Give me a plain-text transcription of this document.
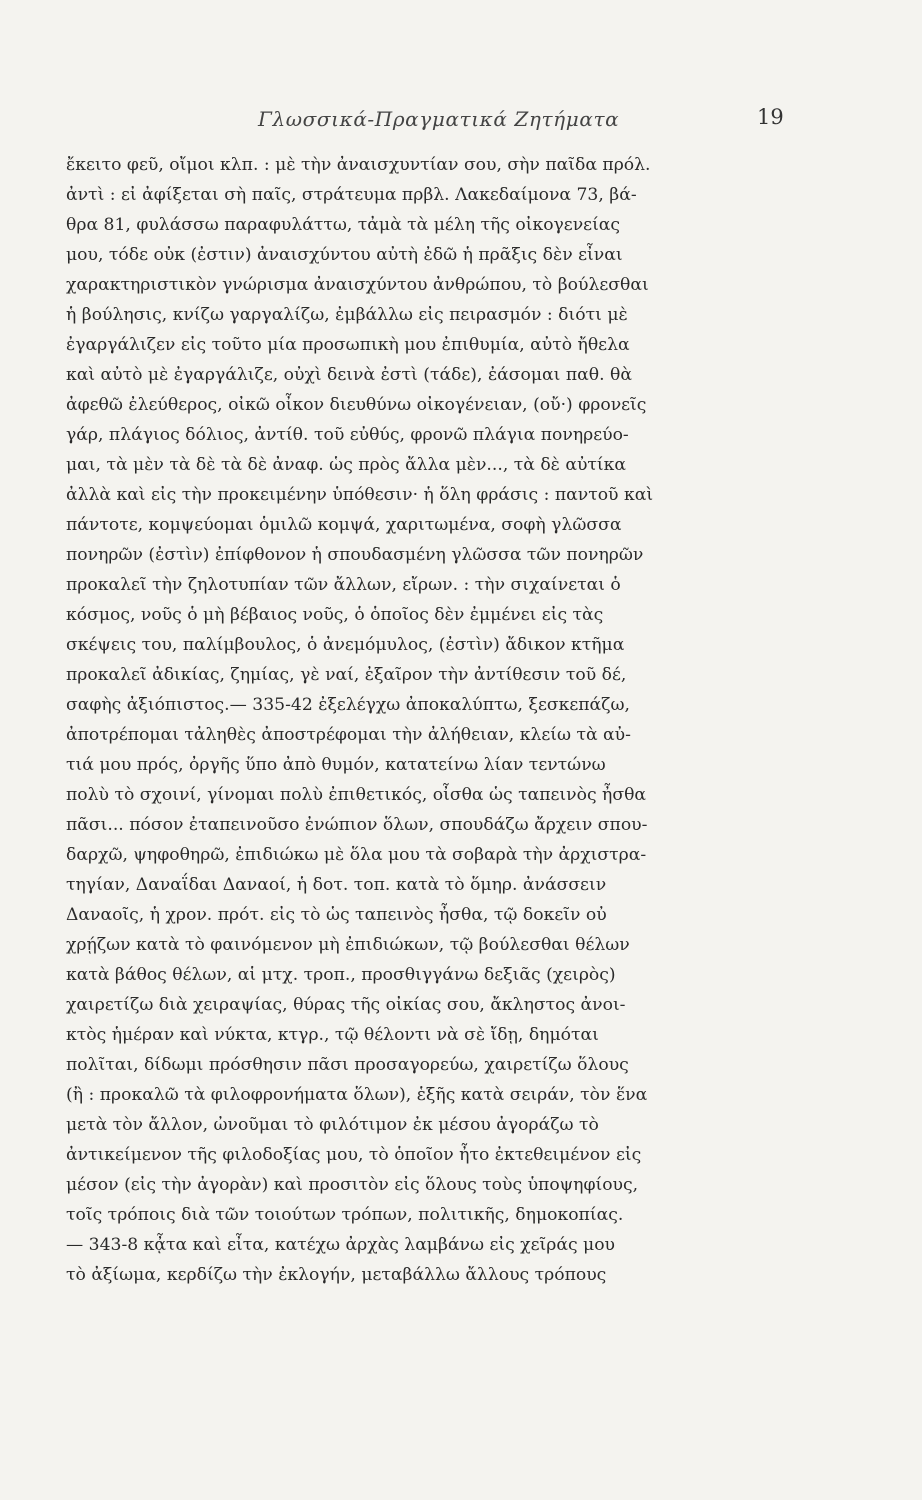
Γλωσσικά-Πραγματικά Ζητήματα	19
ἔκειτο φεῦ, οἴμοι κλπ. : μὲ τὴν ἀναισχυντίαν σου, σὴν παῖδα πρόλ.
ἀντὶ : εἰ ἀφίξεται σὴ παῖς, στράτευμα πρβλ. Λακεδαίμονα 73, βά-
θρα 81, φυλάσσω παραφυλάττω, τἀμὰ τὰ μέλη τῆς οἰκογενείας
μου, τόδε οὐκ (ἐστιν) ἀναισχύντου αὐτὴ ἐδῶ ἡ πρᾶξις δὲν εἶναι
χαρακτηριστικὸν γνώρισμα ἀναισχύντου ἀνθρώπου, τὸ βούλεσθαι
ἡ βούλησις, κνίζω γαργαλίζω, ἐμβάλλω εἰς πειρασμόν : διότι μὲ
ἐγαργάλιζεν εἰς τοῦτο μία προσωπικὴ μου ἐπιθυμία, αὐτὸ ἤθελα
καὶ αὐτὸ μὲ ἐγαργάλιζε, οὐχὶ δεινὰ ἐστὶ (τάδε), ἐάσομαι παθ. θὰ
ἀφεθῶ ἐλεύθερος, οἰκῶ οἶκον διευθύνω οἰκογένειαν, (οὔ·) φρονεῖς
γάρ, πλάγιος δόλιος, ἀντίθ. τοῦ εὐθύς, φρονῶ πλάγια πονηρεύο-
μαι, τὰ μὲν τὰ δὲ τὰ δὲ ἀναφ. ὡς πρὸς ἄλλα μὲν..., τὰ δὲ αὐτίκα
ἀλλὰ καὶ εἰς τὴν προκειμένην ὑπόθεσιν· ἡ ὅλη φράσις : παντοῦ καὶ
πάντοτε, κομψεύομαι ὁμιλῶ κομψά, χαριτωμένα, σοφὴ γλῶσσα
πονηρῶν (ἐστὶν) ἐπίφθονον ἡ σπουδασμένη γλῶσσα τῶν πονηρῶν
προκαλεῖ τὴν ζηλοτυπίαν τῶν ἄλλων, εἴρων. : τὴν σιχαίνεται ὁ
κόσμος, νοῦς ὁ μὴ βέβαιος νοῦς, ὁ ὁποῖος δὲν ἐμμένει εἰς τὰς
σκέψεις του, παλίμβουλος, ὁ ἀνεμόμυλος, (ἐστὶν) ἄδικον κτῆμα
προκαλεῖ ἀδικίας, ζημίας, γὲ ναί, ἐξαῖρον τὴν ἀντίθεσιν τοῦ δέ,
σαφὴς ἀξιόπιστος.— 335-42 ἐξελέγχω ἀποκαλύπτω, ξεσκεπάζω,
ἀποτρέπομαι τἀληθὲς ἀποστρέφομαι τὴν ἀλήθειαν, κλείω τὰ αὐ-
τιά μου πρός, ὀργῆς ὕπο ἀπὸ θυμόν, κατατείνω λίαν τεντώνω
πολὺ τὸ σχοινί, γίνομαι πολὺ ἐπιθετικός, οἶσθα ὡς ταπεινὸς ἦσθα
πᾶσι... πόσον ἐταπεινοῦσο ἐνώπιον ὅλων, σπουδάζω ἄρχειν σπου-
δαρχῶ, ψηφοθηρῶ, ἐπιδιώκω μὲ ὅλα μου τὰ σοβαρὰ τὴν ἀρχιστρα-
τηγίαν, Δαναΐδαι Δαναοί, ἡ δοτ. τοπ. κατὰ τὸ ὅμηρ. ἀνάσσειν
Δαναοῖς, ἡ χρον. πρότ. εἰς τὸ ὡς ταπεινὸς ἦσθα, τῷ δοκεῖν οὐ
χρῄζων κατὰ τὸ φαινόμενον μὴ ἐπιδιώκων, τῷ βούλεσθαι θέλων
κατὰ βάθος θέλων, αἱ μτχ. τροπ., προσθιγγάνω δεξιᾶς (χειρὸς)
χαιρετίζω διὰ χειραψίας, θύρας τῆς οἰκίας σου, ἄκληστος ἀνοι-
κτὸς ἡμέραν καὶ νύκτα, κτγρ., τῷ θέλοντι νὰ σὲ ἴδῃ, δημόται
πολῖται, δίδωμι πρόσθησιν πᾶσι προσαγορεύω, χαιρετίζω ὅλους
(ἢ : προκαλῶ τὰ φιλοφρονήματα ὅλων), ἑξῆς κατὰ σειράν, τὸν ἕνα
μετὰ τὸν ἄλλον, ὠνοῦμαι τὸ φιλότιμον ἐκ μέσου ἀγοράζω τὸ
ἀντικείμενον τῆς φιλοδοξίας μου, τὸ ὁποῖον ἦτο ἐκτεθειμένον εἰς
μέσον (εἰς τὴν ἀγορὰν) καὶ προσιτὸν εἰς ὅλους τοὺς ὑποψηφίους,
τοῖς τρόποις διὰ τῶν τοιούτων τρόπων, πολιτικῆς, δημοκοπίας.
— 343-8 κᾆτα καὶ εἶτα, κατέχω ἀρχὰς λαμβάνω εἰς χεῖράς μου
τὸ ἀξίωμα, κερδίζω τὴν ἐκλογήν, μεταβάλλω ἄλλους τρόπους
